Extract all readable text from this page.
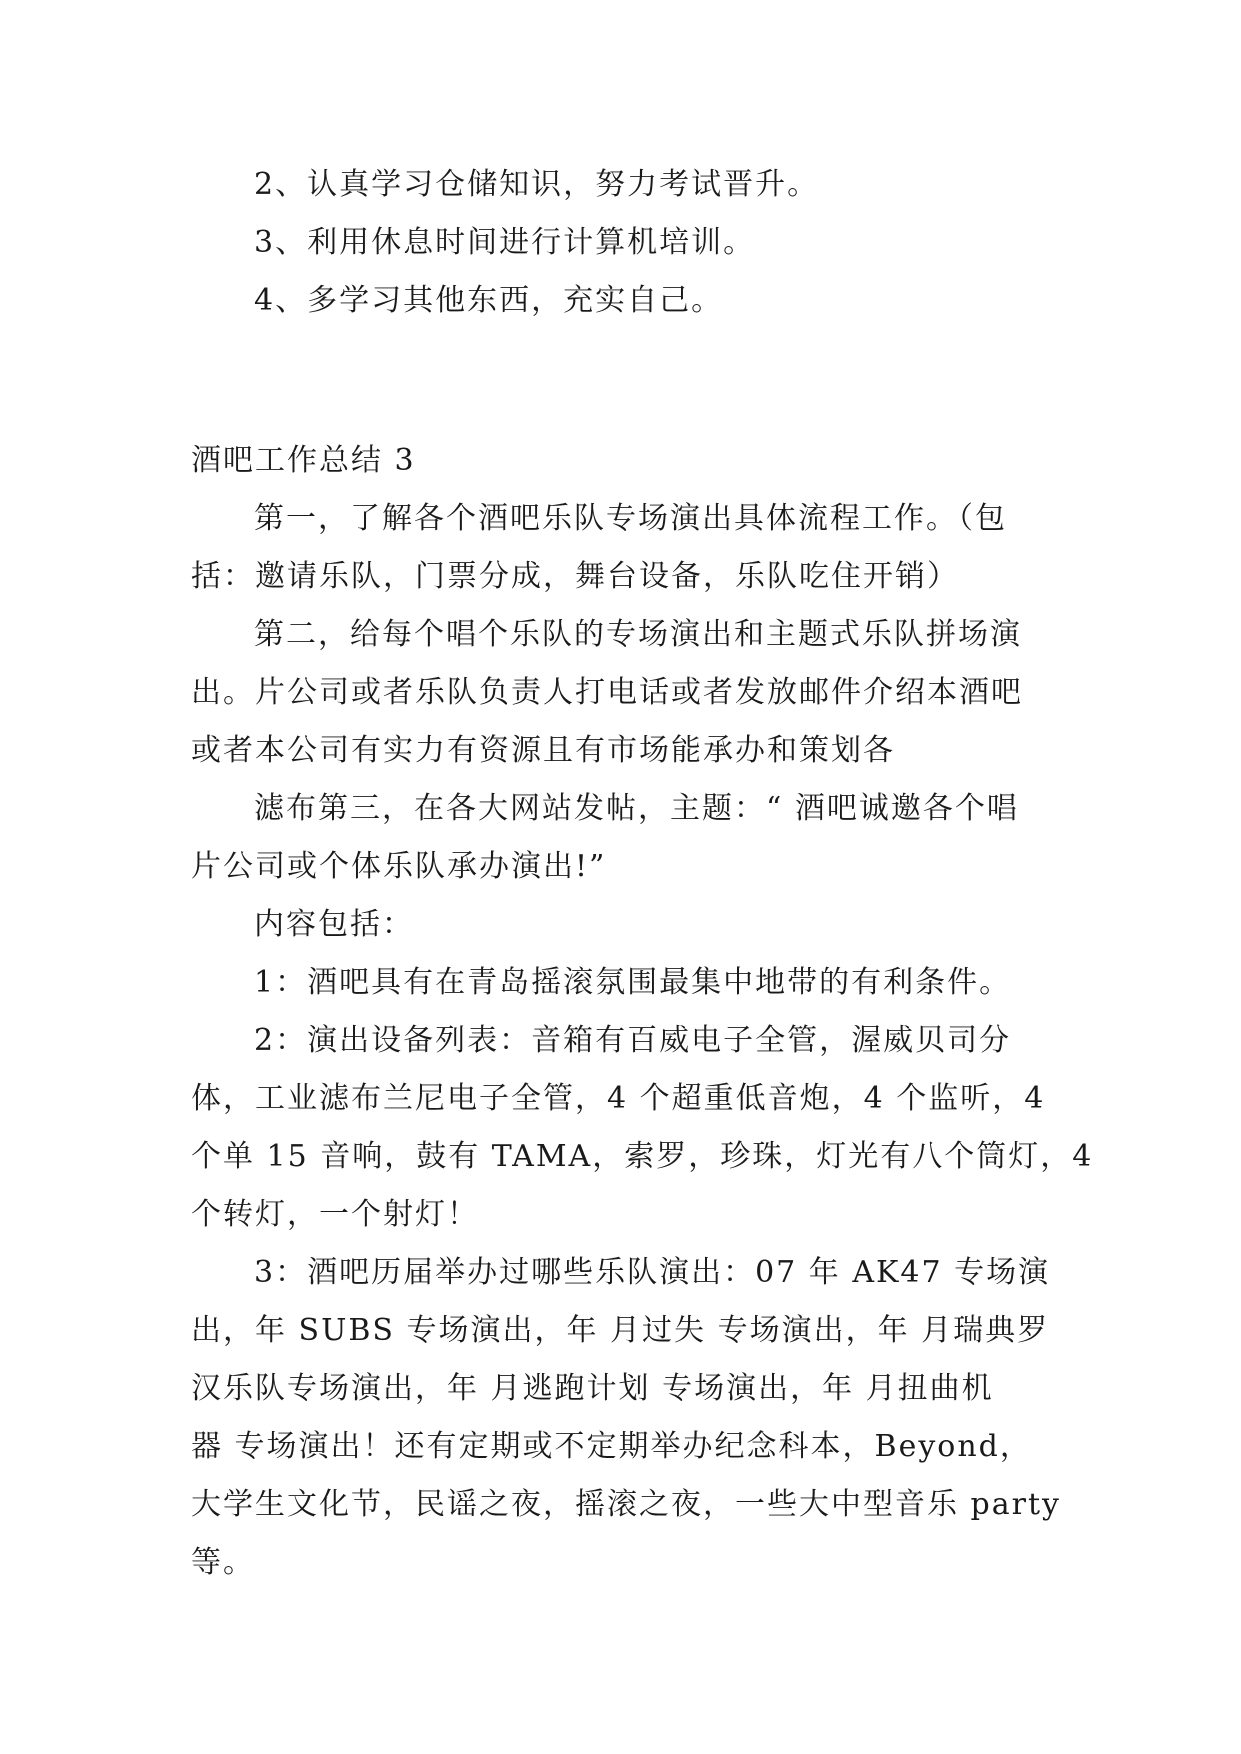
2、认真学习仓储知识，努力考试晋升。
3、利用休息时间进行计算机培训。
4、多学习其他东西，充实自己。
酒吧工作总结 3
第一，了解各个酒吧乐队专场演出具体流程工作。（包
括：邀请乐队，门票分成，舞台设备，乐队吃住开销）
第二，给每个唱个乐队的专场演出和主题式乐队拼场演
出。片公司或者乐队负责人打电话或者发放邮件介绍本酒吧
或者本公司有实力有资源且有市场能承办和策划各
滤布第三，在各大网站发帖，主题：“ 酒吧诚邀各个唱
片公司或个体乐队承办演出!”
内容包括：
1：酒吧具有在青岛摇滚氛围最集中地带的有利条件。
2：演出设备列表：音箱有百威电子全管，渥威贝司分
体，工业滤布兰尼电子全管，4 个超重低音炮，4 个监听，4
个单 15 音响，鼓有 TAMA，索罗，珍珠，灯光有八个筒灯，4
个转灯，一个射灯！
3：酒吧历届举办过哪些乐队演出：07 年 AK47 专场演
出，年 SUBS 专场演出，年 月过失 专场演出，年 月瑞典罗
汉乐队专场演出，年 月逃跑计划 专场演出，年 月扭曲机
器 专场演出！还有定期或不定期举办纪念科本，Beyond，
大学生文化节，民谣之夜，摇滚之夜，一些大中型音乐 party
等。
